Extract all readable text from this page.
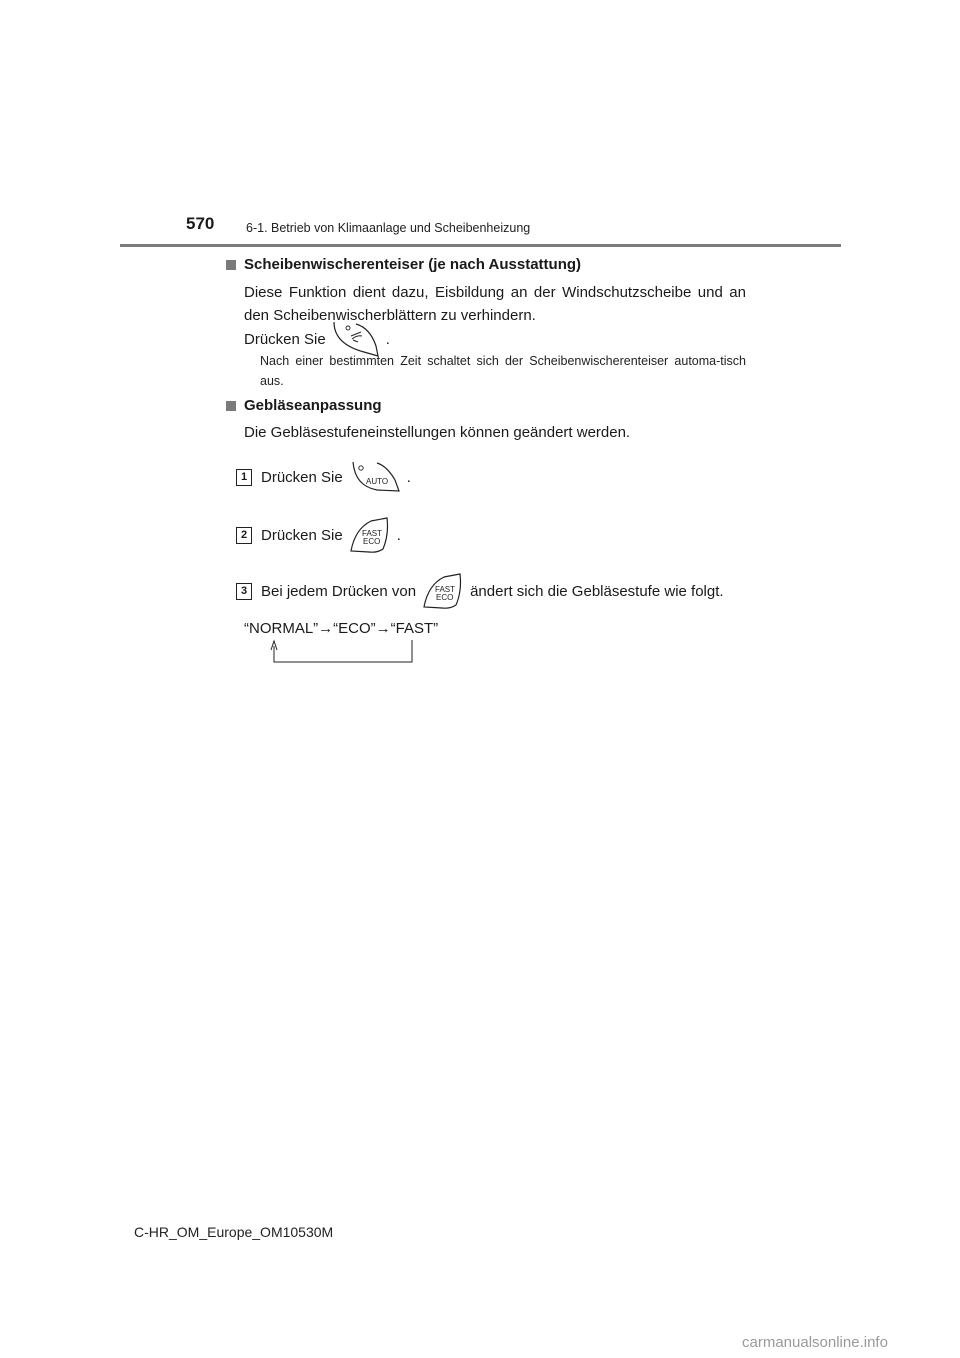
570	6-1. Betrieb von Klimaanlage und Scheibenheizung
Scheibenwischerenteiser (je nach Ausstattung)
Diese Funktion dient dazu, Eisbildung an der Windschutzscheibe und an den Scheibenwischerblättern zu verhindern.
Drücken Sie	.
Nach einer bestimmten Zeit schaltet sich der Scheibenwischerenteiser automa-tisch aus.
Gebläseanpassung
Die Gebläsestufeneinstellungen können geändert werden.
1 Drücken Sie	AUTO .
2 Drücken Sie FAST
ECO .
3 Bei jedem Drücken von FAST
ECO ändert sich die Gebläsestufe wie folgt.
“NORMAL”→“ECO”→“FAST”
C-HR_OM_Europe_OM10530M
carmanualsonline.info
